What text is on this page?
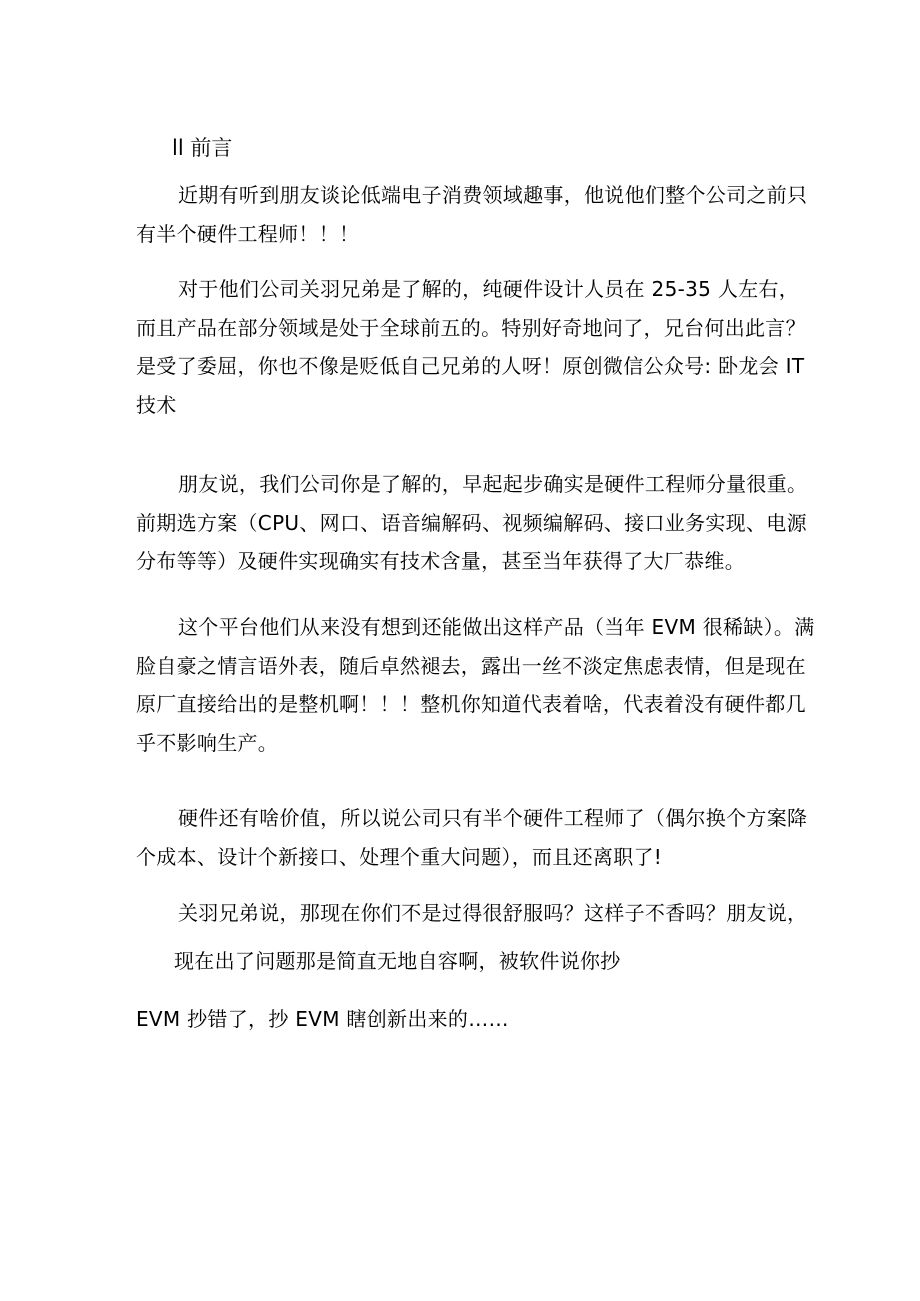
ll 前言

近期有听到朋友谈论低端电子消费领域趣事，他说他们整个公司之前只有半个硬件工程师！！！

对于他们公司关羽兄弟是了解的，纯硬件设计人员在 25-35 人左右，而且产品在部分领域是处于全球前五的。特别好奇地问了，兄台何出此言？是受了委屈，你也不像是贬低自己兄弟的人呀！原创微信公众号: 卧龙会 IT 技术

朋友说，我们公司你是了解的，早起起步确实是硬件工程师分量很重。前期选方案（CPU、网口、语音编解码、视频编解码、接口业务实现、电源分布等等）及硬件实现确实有技术含量，甚至当年获得了大厂恭维。

这个平台他们从来没有想到还能做出这样产品（当年 EVM 很稀缺）。满脸自豪之情言语外表，随后卓然褪去，露出一丝不淡定焦虑表情，但是现在原厂直接给出的是整机啊！！！整机你知道代表着啥，代表着没有硬件都几乎不影响生产。

硬件还有啥价值，所以说公司只有半个硬件工程师了（偶尔换个方案降个成本、设计个新接口、处理个重大问题），而且还离职了!

关羽兄弟说，那现在你们不是过得很舒服吗？这样子不香吗？朋友说，
现在出了问题那是简直无地自容啊，被软件说你抄
EVM 抄错了，抄 EVM 瞎创新出来的……
